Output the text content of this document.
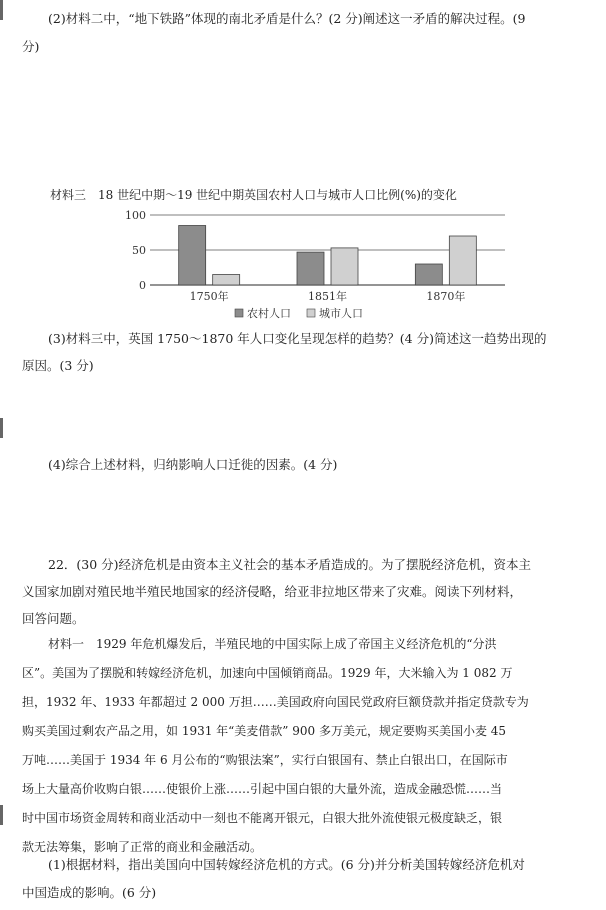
(2)材料二中，“地下铁路”体现的南北矛盾是什么？(2 分)阐述这一矛盾的解决过程。(9
分)
材料三　18 世纪中期～19 世纪中期英国农村人口与城市人口比例(%)的变化
0
50
100
1750年	1851年	1870年
农村人口	城市人口
(3)材料三中，英国 1750～1870 年人口变化呈现怎样的趋势？(4 分)简述这一趋势出现的
原因。(3 分)
(4)综合上述材料，归纳影响人口迁徙的因素。(4 分)
22．(30 分)经济危机是由资本主义社会的基本矛盾造成的。为了摆脱经济危机，资本主
义国家加剧对殖民地半殖民地国家的经济侵略，给亚非拉地区带来了灾难。阅读下列材料，
回答问题。
材料一　1929 年危机爆发后，半殖民地的中国实际上成了帝国主义经济危机的“分洪
区”。美国为了摆脱和转嫁经济危机，加速向中国倾销商品。1929 年，大米输入为 1 082 万
担，1932 年、1933 年都超过 2 000 万担……美国政府向国民党政府巨额贷款并指定贷款专为
购买美国过剩农产品之用，如 1931 年“美麦借款” 900 多万美元，规定要购买美国小麦 45
万吨……美国于 1934 年 6 月公布的“购银法案”，实行白银国有、禁止白银出口，在国际市
场上大量高价收购白银……使银价上涨……引起中国白银的大量外流，造成金融恐慌……当
时中国市场资金周转和商业活动中一刻也不能离开银元，白银大批外流使银元极度缺乏，银
款无法筹集，影响了正常的商业和金融活动。
(1)根据材料，指出美国向中国转嫁经济危机的方式。(6 分)并分析美国转嫁经济危机对
中国造成的影响。(6 分)
